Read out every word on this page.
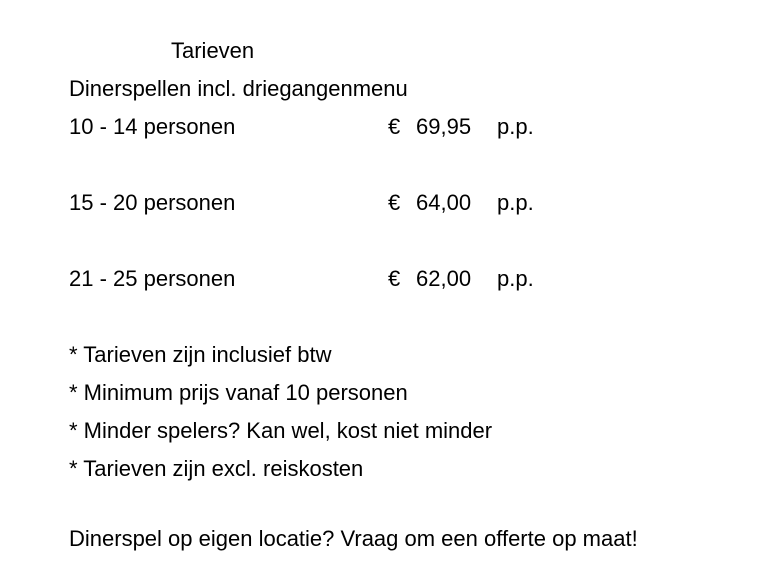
Tarieven
Dinerspellen incl. driegangenmenu
10 - 14 personen	€ 69,95 p.p.
15 - 20 personen	€ 64,00 p.p.
21 - 25 personen	€ 62,00 p.p.
* Tarieven zijn inclusief btw
* Minimum prijs vanaf 10 personen
* Minder spelers? Kan wel, kost niet minder
* Tarieven zijn excl. reiskosten
Dinerspel op eigen locatie? Vraag om een offerte op maat!
